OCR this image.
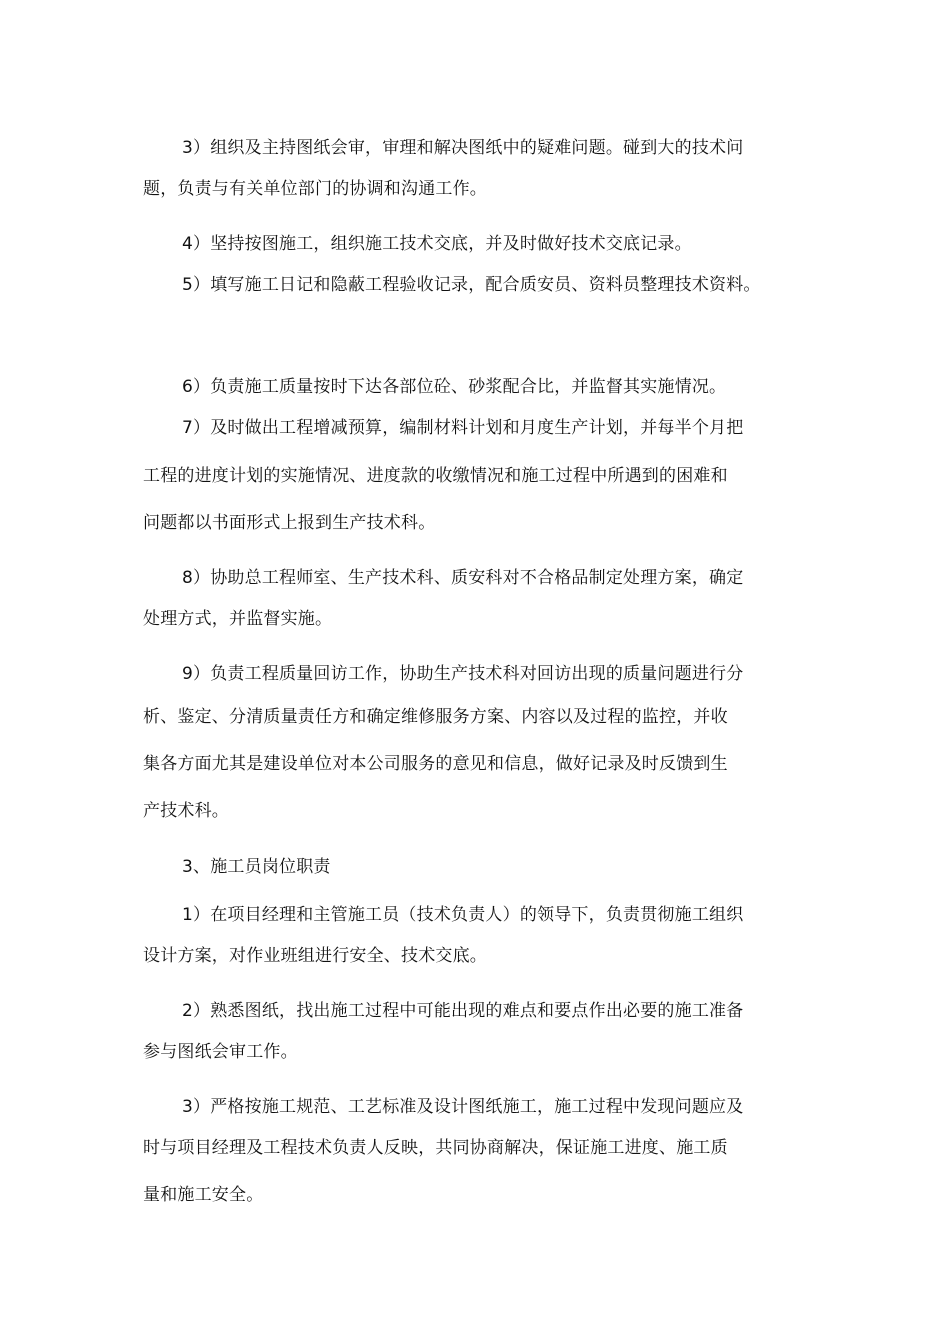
3）组织及主持图纸会审，审理和解决图纸中的疑难问题。碰到大的技术问
题，负责与有关单位部门的协调和沟通工作。
4）坚持按图施工，组织施工技术交底，并及时做好技术交底记录。
5）填写施工日记和隐蔽工程验收记录，配合质安员、资料员整理技术资料。
6）负责施工质量按时下达各部位砼、砂浆配合比，并监督其实施情况。
7）及时做出工程增减预算，编制材料计划和月度生产计划，并每半个月把
工程的进度计划的实施情况、进度款的收缴情况和施工过程中所遇到的困难和
问题都以书面形式上报到生产技术科。
8）协助总工程师室、生产技术科、质安科对不合格品制定处理方案，确定
处理方式，并监督实施。
9）负责工程质量回访工作，协助生产技术科对回访出现的质量问题进行分
析、鉴定、分清质量责任方和确定维修服务方案、内容以及过程的监控，并收
集各方面尤其是建设单位对本公司服务的意见和信息，做好记录及时反馈到生
产技术科。
3、施工员岗位职责
1）在项目经理和主管施工员（技术负责人）的领导下，负责贯彻施工组织
设计方案，对作业班组进行安全、技术交底。
2）熟悉图纸，找出施工过程中可能出现的难点和要点作出必要的施工准备
参与图纸会审工作。
3）严格按施工规范、工艺标准及设计图纸施工，施工过程中发现问题应及
时与项目经理及工程技术负责人反映，共同协商解决，保证施工进度、施工质
量和施工安全。
